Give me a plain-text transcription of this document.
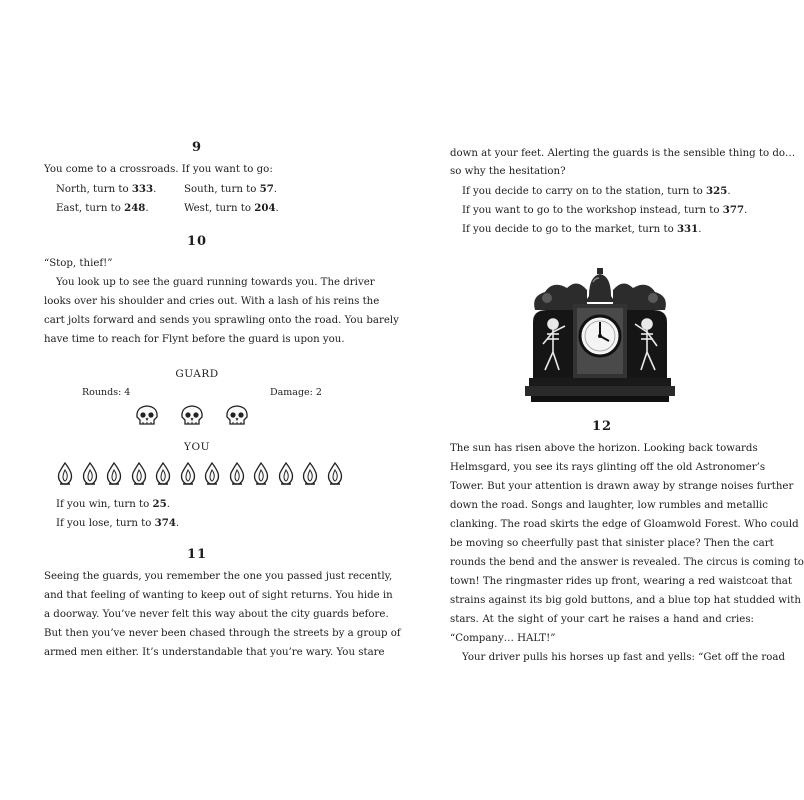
9
You come to a crossroads. If you want to go:
North, turn to 333.	South, turn to 57.
East, turn to 248.	West, turn to 204.
10
“Stop, thief!”
You look up to see the guard running towards you. The driver
looks over his shoulder and cries out. With a lash of his reins the
cart jolts forward and sends you sprawling onto the road. You barely
have time to reach for Flynt before the guard is upon you.
GUARD
Rounds: 4	Damage: 2
YOU
If you win, turn to 25.
If you lose, turn to 374.
11
Seeing the guards, you remember the one you passed just recently,
and that feeling of wanting to keep out of sight returns. You hide in
a doorway. You’ve never felt this way about the city guards before.
But then you’ve never been chased through the streets by a group of
armed men either. It’s understandable that you’re wary. You stare
down at your feet. Alerting the guards is the sensible thing to do…
so why the hesitation?
If you decide to carry on to the station, turn to 325.
If you want to go to the workshop instead, turn to 377.
If you decide to go to the market, turn to 331.
12
The sun has risen above the horizon. Looking back towards
Helmsgard, you see its rays glinting off the old Astronomer’s
Tower. But your attention is drawn away by strange noises further
down the road. Songs and laughter, low rumbles and metallic
clanking. The road skirts the edge of Gloamwold Forest. Who could
be moving so cheerfully past that sinister place? Then the cart
rounds the bend and the answer is revealed. The circus is coming to
town! The ringmaster rides up front, wearing a red waistcoat that
strains against its big gold buttons, and a blue top hat studded with
stars. At the sight of your cart he raises a hand and cries:
“Company… HALT!”
Your driver pulls his horses up fast and yells: “Get off the road
